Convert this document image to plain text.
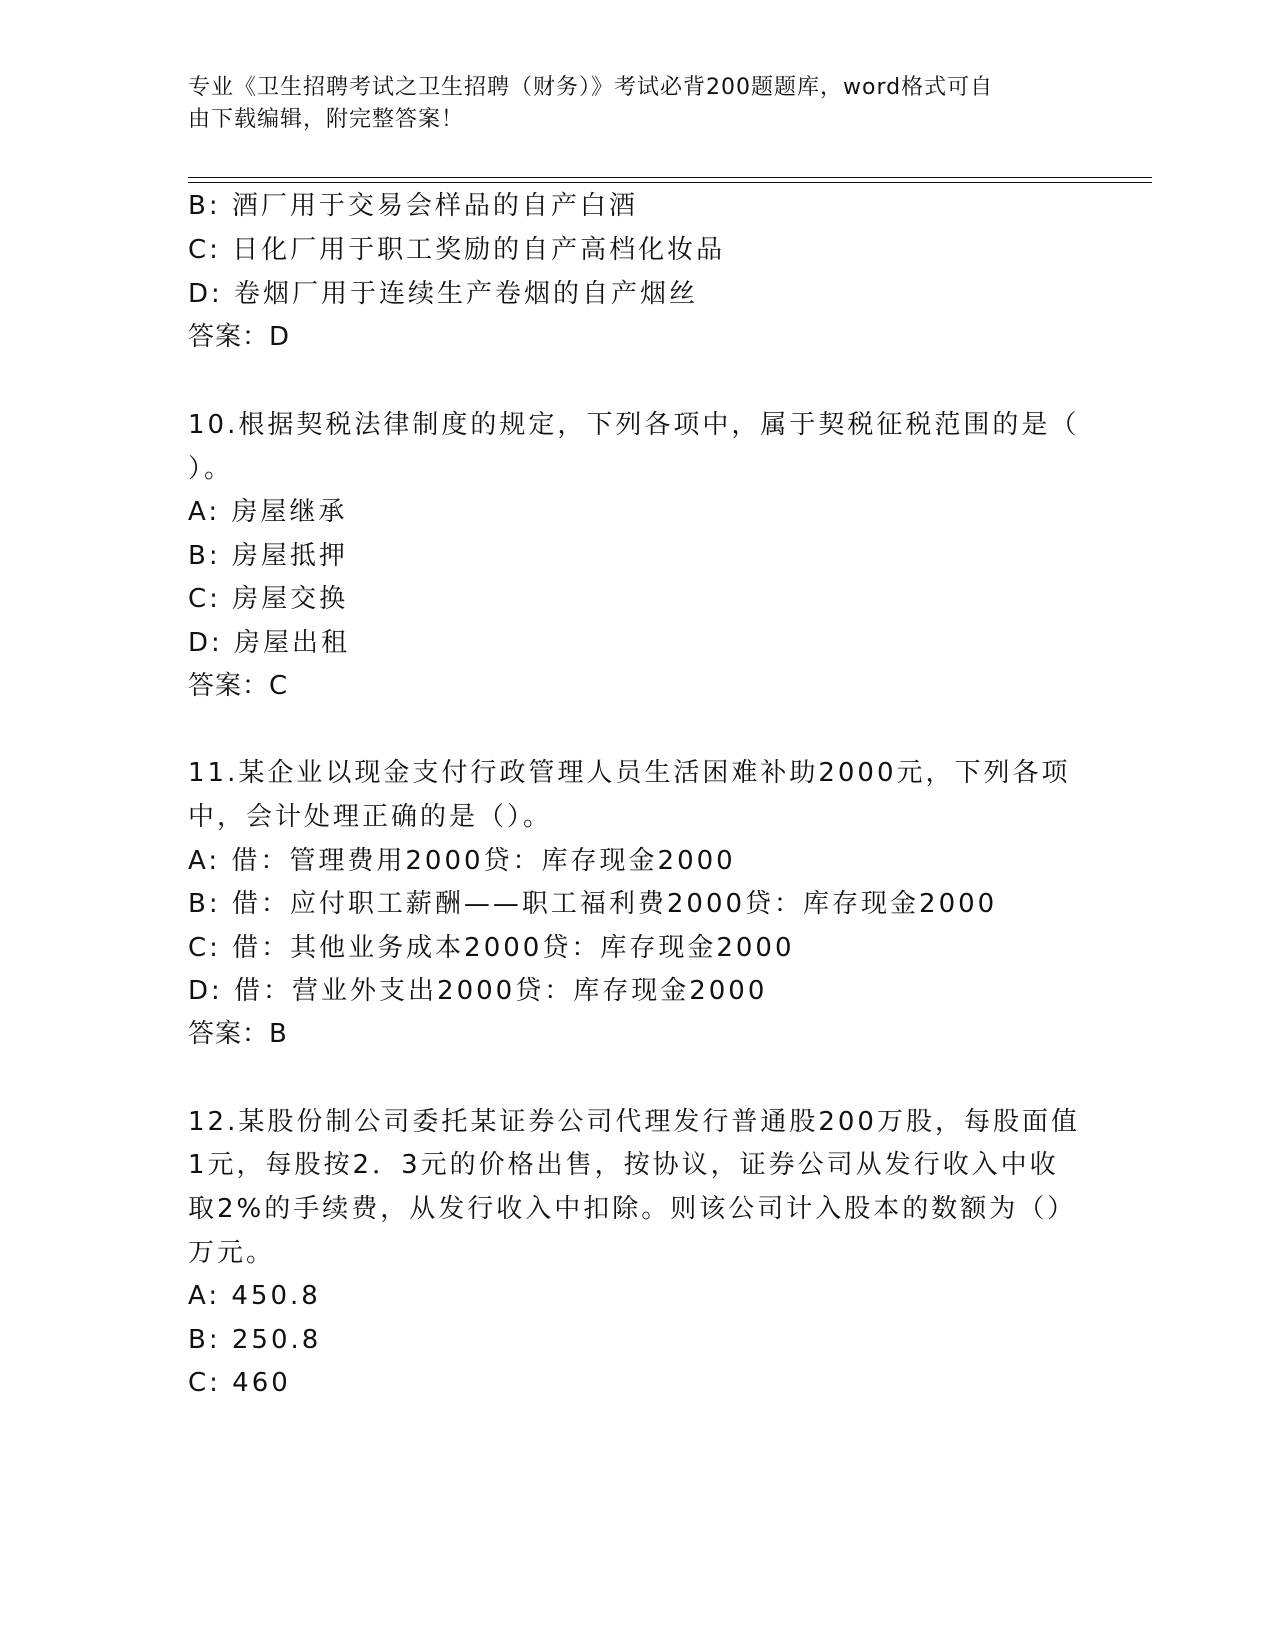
专业《卫生招聘考试之卫生招聘（财务）》考试必背200题题库，word格式可自
由下载编辑，附完整答案！
B: 酒厂用于交易会样品的自产白酒
C: 日化厂用于职工奖励的自产高档化妆品
D: 卷烟厂用于连续生产卷烟的自产烟丝
答案：D
10.根据契税法律制度的规定，下列各项中，属于契税征税范围的是（
）。
A: 房屋继承
B: 房屋抵押
C: 房屋交换
D: 房屋出租
答案：C
11.某企业以现金支付行政管理人员生活困难补助2000元，下列各项
中，会计处理正确的是（）。
A: 借：管理费用2000贷：库存现金2000
B: 借：应付职工薪酬——职工福利费2000贷：库存现金2000
C: 借：其他业务成本2000贷：库存现金2000
D: 借：营业外支出2000贷：库存现金2000
答案：B
12.某股份制公司委托某证券公司代理发行普通股200万股，每股面值
1元，每股按2．3元的价格出售，按协议，证券公司从发行收入中收
取2%的手续费，从发行收入中扣除。则该公司计入股本的数额为（）
万元。
A: 450.8
B: 250.8
C: 460
